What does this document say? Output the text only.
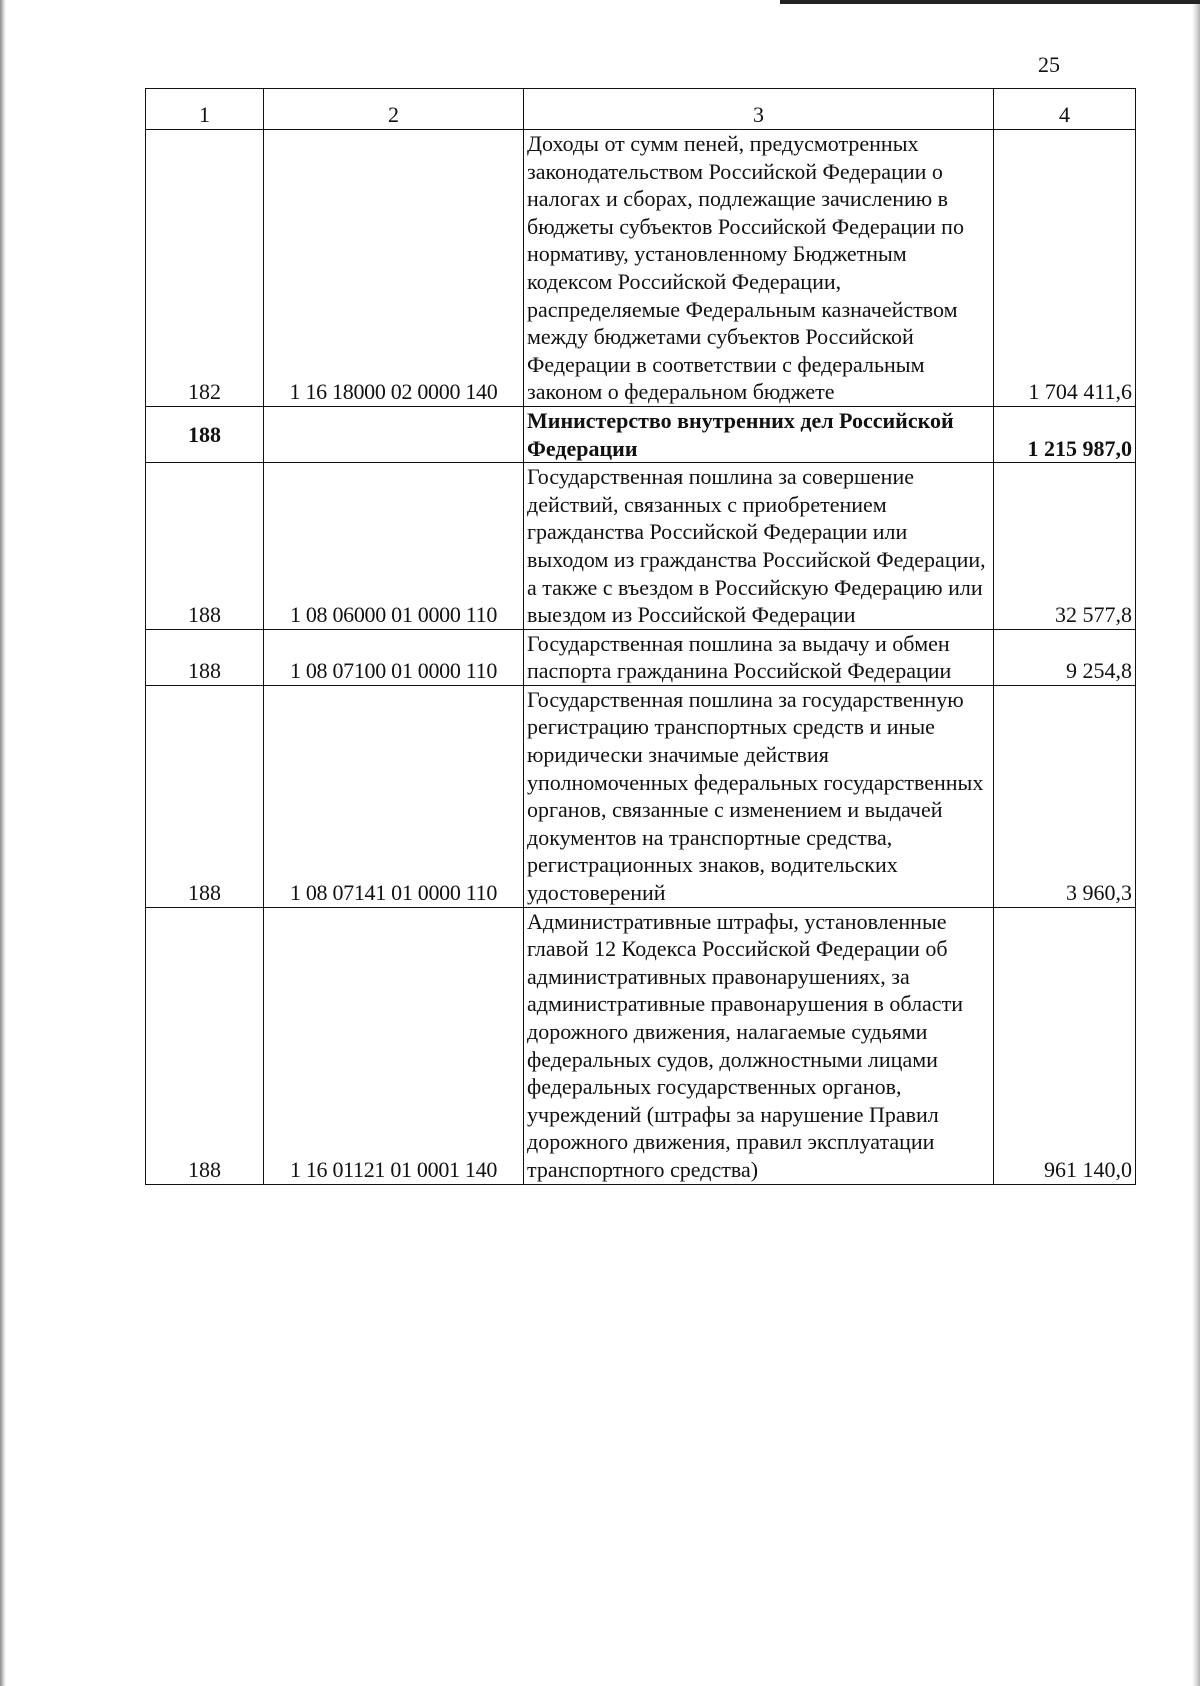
25
1	2	3	4
182	1 16 18000 02 0000 140	Доходы от сумм пеней, предусмотренных законодательством Российской Федерации о налогах и сборах, подлежащие зачислению в бюджеты субъектов Российской Федерации по нормативу, установленному Бюджетным кодексом Российской Федерации, распределяемые Федеральным казначейством между бюджетами субъектов Российской Федерации в соответствии с федеральным законом о федеральном бюджете	1 704 411,6
188		Министерство внутренних дел Российской Федерации	1 215 987,0
188	1 08 06000 01 0000 110	Государственная пошлина за совершение действий, связанных с приобретением гражданства Российской Федерации или выходом из гражданства Российской Федерации, а также с въездом в Российскую Федерацию или выездом из Российской Федерации	32 577,8
188	1 08 07100 01 0000 110	Государственная пошлина за выдачу и обмен паспорта гражданина Российской Федерации	9 254,8
188	1 08 07141 01 0000 110	Государственная пошлина за государственную регистрацию транспортных средств и иные юридически значимые действия уполномоченных федеральных государственных органов, связанные с изменением и выдачей документов на транспортные средства, регистрационных знаков, водительских удостоверений	3 960,3
188	1 16 01121 01 0001 140	Административные штрафы, установленные главой 12 Кодекса Российской Федерации об административных правонарушениях, за административные правонарушения в области дорожного движения, налагаемые судьями федеральных судов, должностными лицами федеральных государственных органов, учреждений (штрафы за нарушение Правил дорожного движения, правил эксплуатации транспортного средства)	961 140,0
